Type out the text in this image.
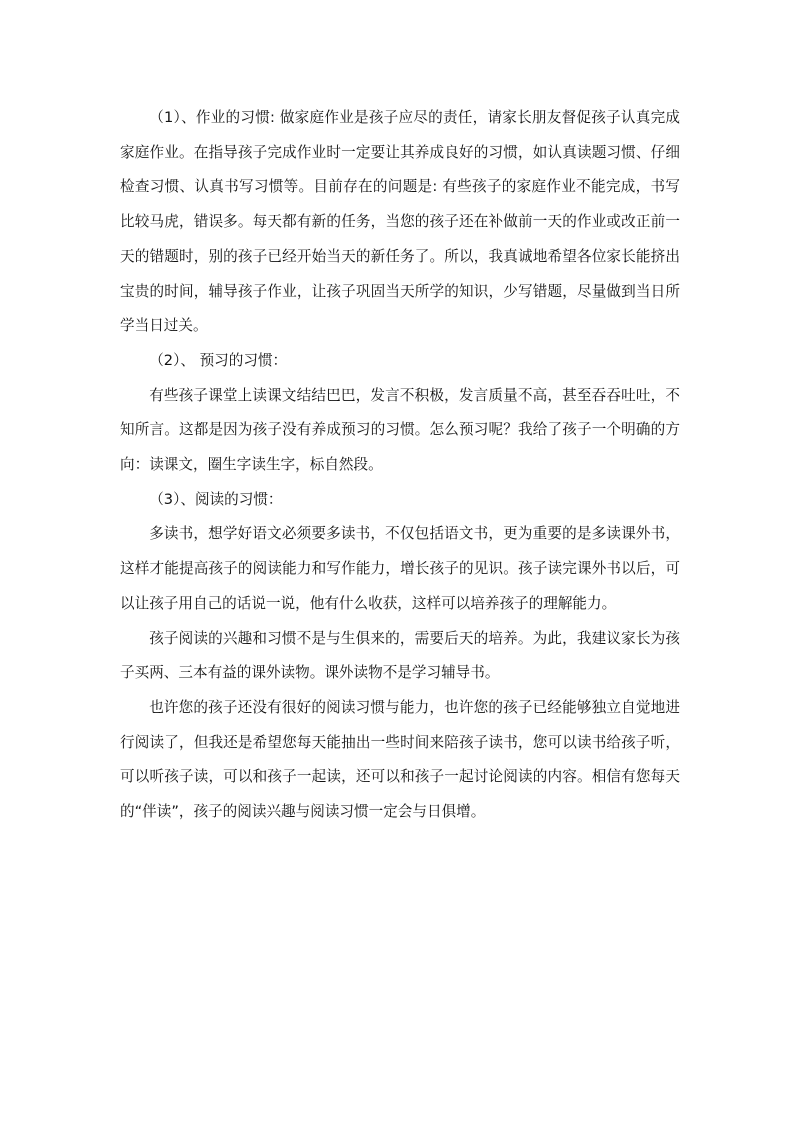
（1）、作业的习惯: 做家庭作业是孩子应尽的责任，请家长朋友督促孩子认真完成家庭作业。在指导孩子完成作业时一定要让其养成良好的习惯，如认真读题习惯、仔细检查习惯、认真书写习惯等。目前存在的问题是: 有些孩子的家庭作业不能完成，书写比较马虎，错误多。每天都有新的任务，当您的孩子还在补做前一天的作业或改正前一天的错题时，别的孩子已经开始当天的新任务了。所以，我真诚地希望各位家长能挤出宝贵的时间，辅导孩子作业，让孩子巩固当天所学的知识，少写错题，尽量做到当日所学当日过关。

（2）、 预习的习惯：

有些孩子课堂上读课文结结巴巴，发言不积极，发言质量不高，甚至吞吞吐吐，不知所言。这都是因为孩子没有养成预习的习惯。怎么预习呢？我给了孩子一个明确的方向：读课文，圈生字读生字，标自然段。

（3）、阅读的习惯：

多读书，想学好语文必须要多读书，不仅包括语文书，更为重要的是多读课外书，这样才能提高孩子的阅读能力和写作能力，增长孩子的见识。孩子读完课外书以后，可以让孩子用自己的话说一说，他有什么收获，这样可以培养孩子的理解能力。

孩子阅读的兴趣和习惯不是与生俱来的，需要后天的培养。为此，我建议家长为孩子买两、三本有益的课外读物。课外读物不是学习辅导书。

也许您的孩子还没有很好的阅读习惯与能力，也许您的孩子已经能够独立自觉地进行阅读了，但我还是希望您每天能抽出一些时间来陪孩子读书，您可以读书给孩子听，可以听孩子读，可以和孩子一起读，还可以和孩子一起讨论阅读的内容。相信有您每天的“伴读”，孩子的阅读兴趣与阅读习惯一定会与日俱增。
